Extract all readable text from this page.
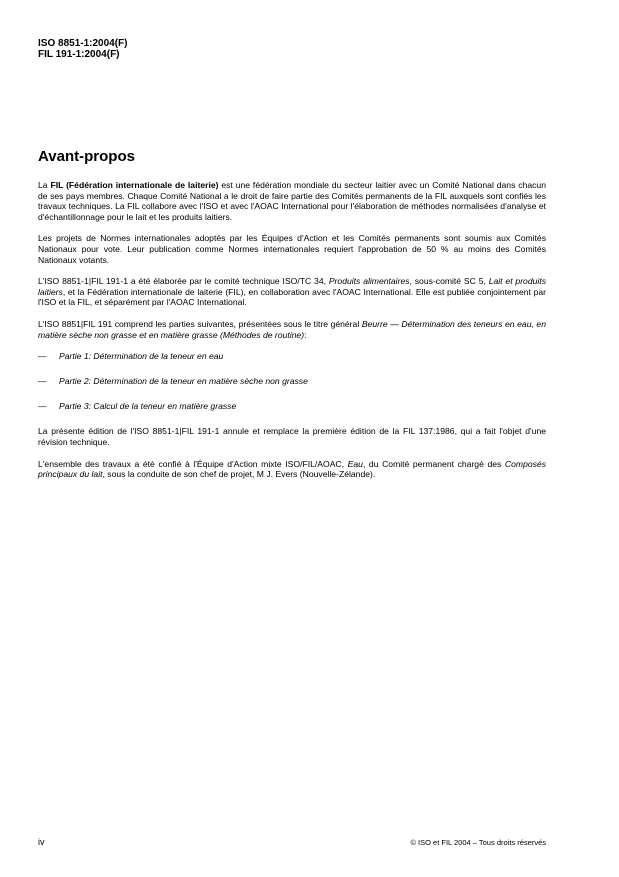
ISO 8851-1:2004(F)
FIL 191-1:2004(F)
Avant-propos

La FIL (Fédération internationale de laiterie) est une fédération mondiale du secteur laitier avec un Comité National dans chacun de ses pays membres. Chaque Comité National a le droit de faire partie des Comités permanents de la FIL auxquels sont confiés les travaux techniques. La FIL collabore avec l'ISO et avec l'AOAC International pour l'élaboration de méthodes normalisées d'analyse et d'échantillonnage pour le lait et les produits laitiers.

Les projets de Normes internationales adoptés par les Équipes d'Action et les Comités permanents sont soumis aux Comités Nationaux pour vote. Leur publication comme Normes internationales requiert l'approbation de 50 % au moins des Comités Nationaux votants.

L'ISO 8851-1|FIL 191-1 a été élaborée par le comité technique ISO/TC 34, Produits alimentaires, sous-comité SC 5, Lait et produits laitiers, et la Fédération internationale de laiterie (FIL), en collaboration avec l'AOAC International. Elle est publiée conjointement par l'ISO et la FIL, et séparément par l'AOAC International.

L'ISO 8851|FIL 191 comprend les parties suivantes, présentées sous le titre général Beurre — Détermination des teneurs en eau, en matière sèche non grasse et en matière grasse (Méthodes de routine):

— Partie 1: Détermination de la teneur en eau
— Partie 2: Détermination de la teneur en matière sèche non grasse
— Partie 3: Calcul de la teneur en matière grasse

La présente édition de l'ISO 8851-1|FIL 191-1 annule et remplace la première édition de la FIL 137:1986, qui a fait l'objet d'une révision technique.

L'ensemble des travaux a été confié à l'Équipe d'Action mixte ISO/FIL/AOAC, Eau, du Comité permanent chargé des Composés principaux du lait, sous la conduite de son chef de projet, M J. Evers (Nouvelle-Zélande).

iv	© ISO et FIL 2004 – Tous droits réservés
